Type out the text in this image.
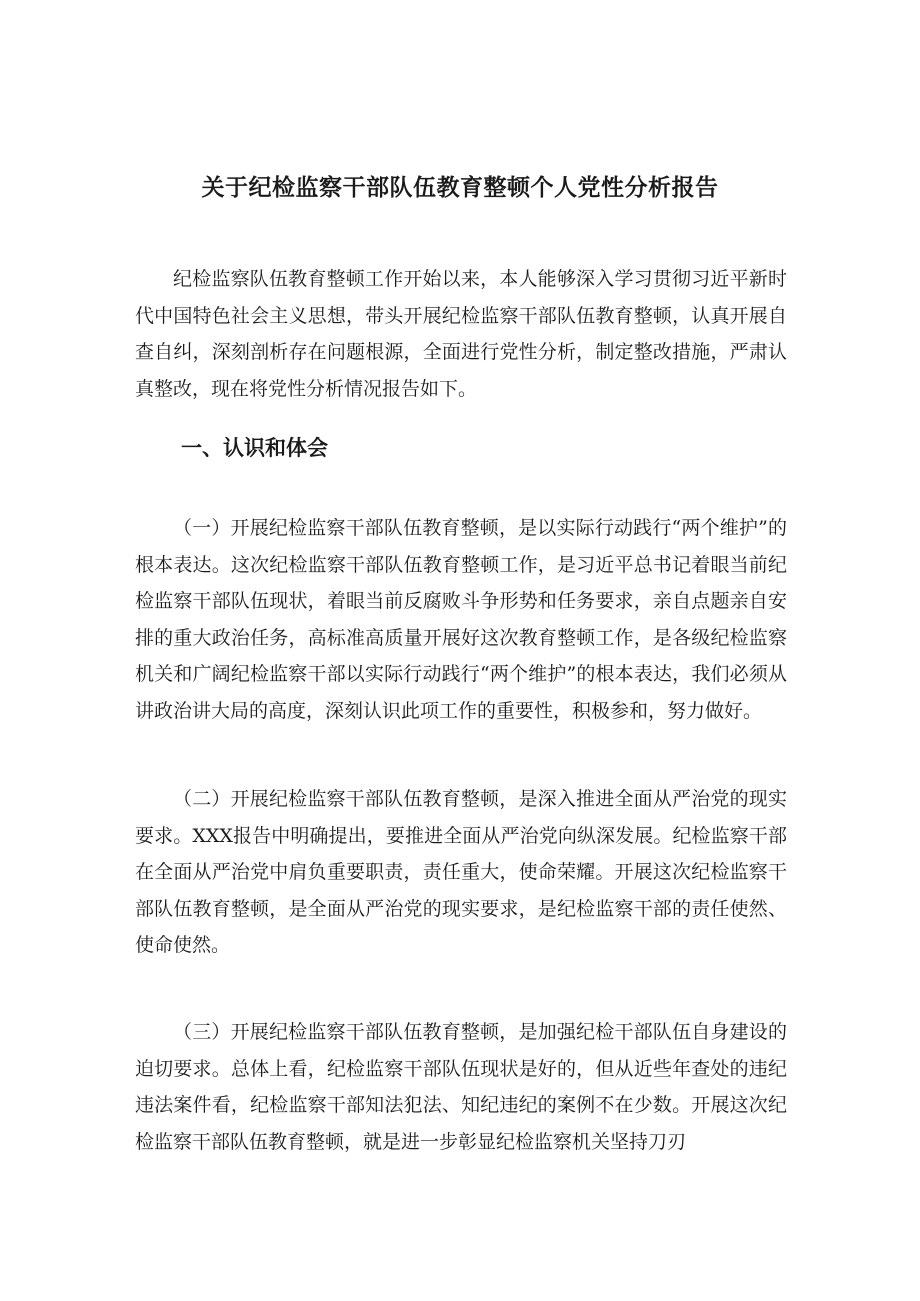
关于纪检监察干部队伍教育整顿个人党性分析报告

纪检监察队伍教育整顿工作开始以来，本人能够深入学习贯彻习近平新时代中国特色社会主义思想，带头开展纪检监察干部队伍教育整顿，认真开展自查自纠，深刻剖析存在问题根源，全面进行党性分析，制定整改措施，严肃认真整改，现在将党性分析情况报告如下。

一、认识和体会

（一）开展纪检监察干部队伍教育整顿，是以实际行动践行“两个维护”的根本表达。这次纪检监察干部队伍教育整顿工作，是习近平总书记着眼当前纪检监察干部队伍现状，着眼当前反腐败斗争形势和任务要求，亲自点题亲自安排的重大政治任务，高标准高质量开展好这次教育整顿工作，是各级纪检监察机关和广阔纪检监察干部以实际行动践行“两个维护”的根本表达，我们必须从讲政治讲大局的高度，深刻认识此项工作的重要性，积极参和，努力做好。

（二）开展纪检监察干部队伍教育整顿，是深入推进全面从严治党的现实要求。XXX报告中明确提出，要推进全面从严治党向纵深发展。纪检监察干部在全面从严治党中肩负重要职责，责任重大，使命荣耀。开展这次纪检监察干部队伍教育整顿，是全面从严治党的现实要求，是纪检监察干部的责任使然、使命使然。

（三）开展纪检监察干部队伍教育整顿，是加强纪检干部队伍自身建设的迫切要求。总体上看，纪检监察干部队伍现状是好的，但从近些年查处的违纪违法案件看，纪检监察干部知法犯法、知纪违纪的案例不在少数。开展这次纪检监察干部队伍教育整顿，就是进一步彰显纪检监察机关坚持刀刃
